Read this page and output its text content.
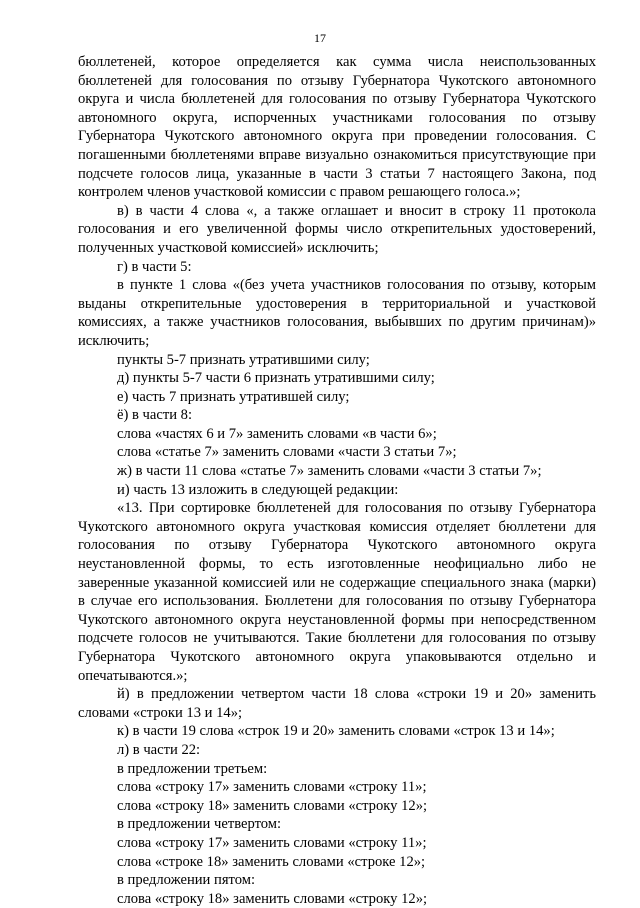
17

бюллетеней, которое определяется как сумма числа неиспользованных бюллетеней для голосования по отзыву Губернатора Чукотского автономного округа и числа бюллетеней для голосования по отзыву Губернатора Чукотского автономного округа, испорченных участниками голосования по отзыву Губернатора Чукотского автономного округа при проведении голосования. С погашенными бюллетенями вправе визуально ознакомиться присутствующие при подсчете голосов лица, указанные в части 3 статьи 7 настоящего Закона, под контролем членов участковой комиссии с правом решающего голоса.»;

в) в части 4 слова «, а также оглашает и вносит в строку 11 протокола голосования и его увеличенной формы число открепительных удостоверений, полученных участковой комиссией» исключить;

г) в части 5:

в пункте 1 слова «(без учета участников голосования по отзыву, которым выданы открепительные удостоверения в территориальной и участковой комиссиях, а также участников голосования, выбывших по другим причинам)» исключить;

пункты 5-7 признать утратившими силу;

д) пункты 5-7 части 6 признать утратившими силу;

е) часть 7 признать утратившей силу;

ё) в части 8:

слова «частях 6 и 7» заменить словами «в части 6»;

слова «статье 7» заменить словами «части 3 статьи 7»;

ж) в части 11 слова «статье 7» заменить словами «части 3 статьи 7»;

и) часть 13 изложить в следующей редакции:

«13. При сортировке бюллетеней для голосования по отзыву Губернатора Чукотского автономного округа участковая комиссия отделяет бюллетени для голосования по отзыву Губернатора Чукотского автономного округа неустановленной формы, то есть изготовленные неофициально либо не заверенные указанной комиссией или не содержащие специального знака (марки) в случае его использования. Бюллетени для голосования по отзыву Губернатора Чукотского автономного округа неустановленной формы при непосредственном подсчете голосов не учитываются. Такие бюллетени для голосования по отзыву Губернатора Чукотского автономного округа упаковываются отдельно и опечатываются.»;

й) в предложении четвертом части 18 слова «строки 19 и 20» заменить словами «строки 13 и 14»;

к) в части 19 слова «строк 19 и 20» заменить словами «строк 13 и 14»;

л) в части 22:

в предложении третьем:

слова «строку 17» заменить словами «строку 11»;

слова «строку 18» заменить словами «строку 12»;

в предложении четвертом:

слова «строку 17» заменить словами «строку 11»;

слова «строке 18» заменить словами «строке 12»;

в предложении пятом:

слова «строку 18» заменить словами «строку 12»;
